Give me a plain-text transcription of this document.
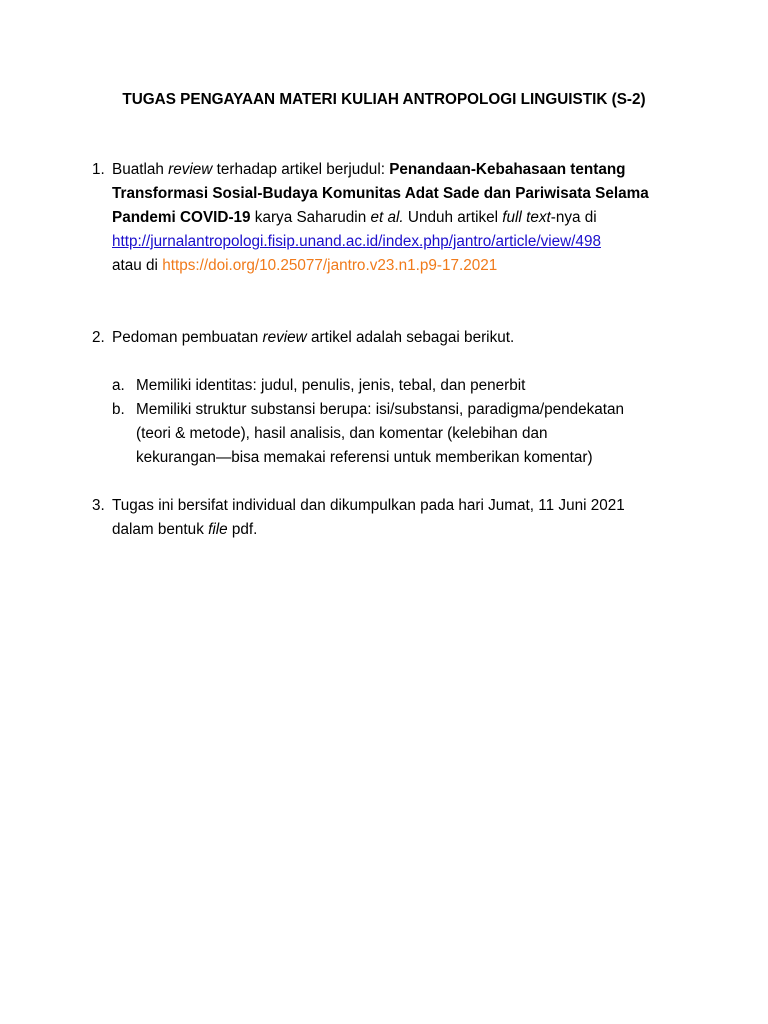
TUGAS PENGAYAAN MATERI KULIAH ANTROPOLOGI LINGUISTIK (S-2)
1. Buatlah review terhadap artikel berjudul: Penandaan-Kebahasaan tentang
Transformasi Sosial-Budaya Komunitas Adat Sade dan Pariwisata Selama
Pandemi COVID-19 karya Saharudin et al. Unduh artikel full text-nya di
http://jurnalantropologi.fisip.unand.ac.id/index.php/jantro/article/view/498
atau di https://doi.org/10.25077/jantro.v23.n1.p9-17.2021
2. Pedoman pembuatan review artikel adalah sebagai berikut.
a. Memiliki identitas: judul, penulis, jenis, tebal, dan penerbit
b. Memiliki struktur substansi berupa: isi/substansi, paradigma/pendekatan
(teori & metode), hasil analisis, dan komentar (kelebihan dan
kekurangan—bisa memakai referensi untuk memberikan komentar)
3. Tugas ini bersifat individual dan dikumpulkan pada hari Jumat, 11 Juni 2021
dalam bentuk file pdf.
